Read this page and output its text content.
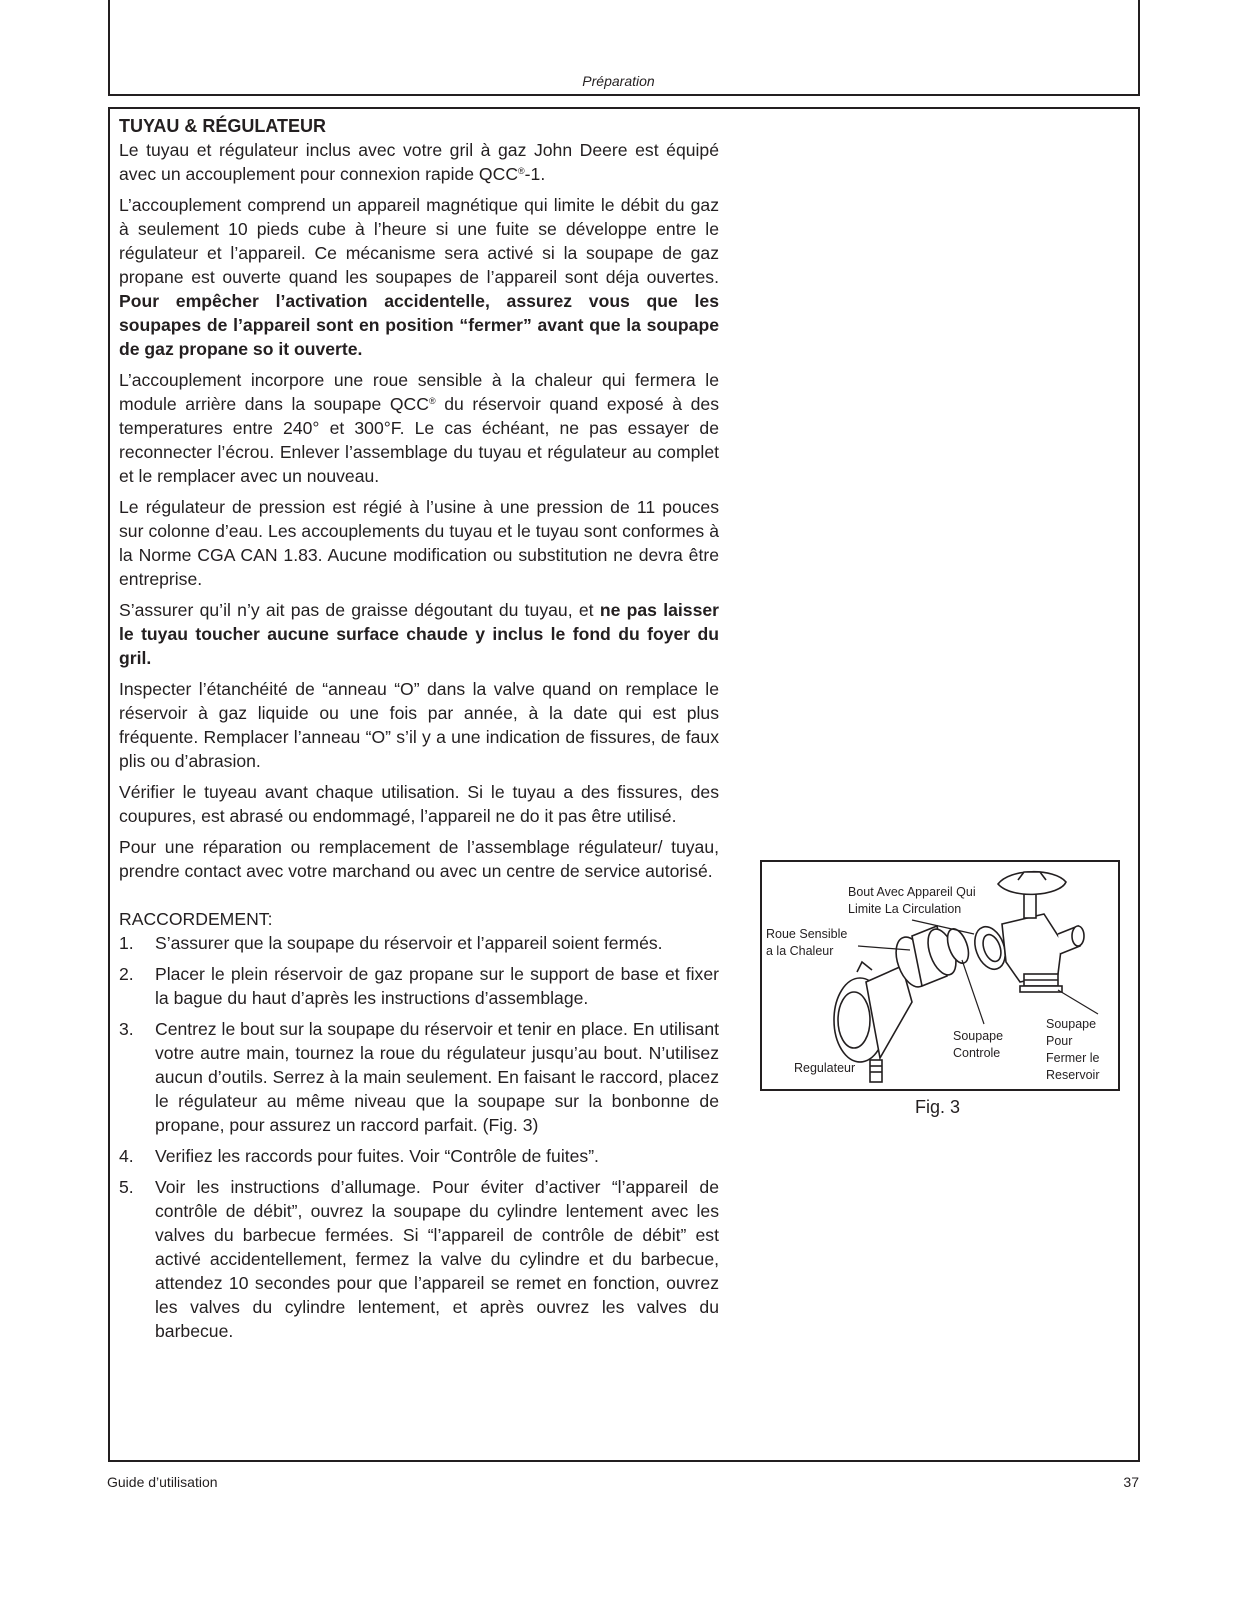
Préparation
TUYAU & RÉGULATEUR

Le tuyau et régulateur inclus avec votre gril à gaz John Deere est équipé avec un accouplement pour connexion rapide QCC®-1.

L’accouplement comprend un appareil magnétique qui limite le débit du gaz à seulement 10 pieds cube à l’heure si une fuite se développe entre le régulateur et l’appareil. Ce mécanisme sera activé si la soupape de gaz propane est ouverte quand les soupapes de l’appareil sont déja ouvertes. Pour empêcher l’activation accidentelle, assurez vous que les soupapes de l’appareil sont en position “fermer” avant que la soupape de gaz propane so it ouverte.

L’accouplement incorpore une roue sensible à la chaleur qui fermera le module arrière dans la soupape QCC® du réservoir quand exposé à des temperatures entre 240° et 300°F. Le cas échéant, ne pas essayer de reconnecter l’écrou. Enlever l’assemblage du tuyau et régulateur au complet et le remplacer avec un nouveau.

Le régulateur de pression est régié à l’usine à une pression de 11 pouces sur colonne d’eau. Les accouplements du tuyau et le tuyau sont conformes à la Norme CGA CAN 1.83. Aucune modification ou substitution ne devra être entreprise.

S’assurer qu’il n’y ait pas de graisse dégoutant du tuyau, et ne pas laisser le tuyau toucher aucune surface chaude y inclus le fond du foyer du gril.

Inspecter l’étanchéité de “anneau “O” dans la valve quand on remplace le réservoir à gaz liquide ou une fois par année, à la date qui est plus fréquente. Remplacer l’anneau “O” s’il y a une indication de fissures, de faux plis ou d’abrasion.

Vérifier le tuyeau avant chaque utilisation. Si le tuyau a des fissures, des coupures, est abrasé ou endommagé, l’appareil ne do it pas être utilisé.

Pour une réparation ou remplacement de l’assemblage régulateur/ tuyau, prendre contact avec votre marchand ou avec un centre de service autorisé.

RACCORDEMENT:
1. S’assurer que la soupape du réservoir et l’appareil soient fermés.
2. Placer le plein réservoir de gaz propane sur le support de base et fixer la bague du haut d’après les instructions d’assemblage.
3. Centrez le bout sur la soupape du réservoir et tenir en place. En utilisant votre autre main, tournez la roue du régulateur jusqu’au bout. N’utilisez aucun d’outils. Serrez à la main seulement. En faisant le raccord, placez le régulateur au même niveau que la soupape sur la bonbonne de propane, pour assurez un raccord parfait. (Fig. 3)
4. Verifiez les raccords pour fuites. Voir “Contrôle de fuites”.
5. Voir les instructions d’allumage. Pour éviter d’activer “l’appareil de contrôle de débit”, ouvrez la soupape du cylindre lentement avec les valves du barbecue fermées. Si “l’appareil de contrôle de débit” est activé accidentellement, fermez la valve du cylindre et du barbecue, attendez 10 secondes pour que l’appareil se remet en fonction, ouvrez les valves du cylindre lentement, et après ouvrez les valves du barbecue.
Bout Avec Appareil Qui
Limite La Circulation
Roue Sensible
a la Chaleur
Regulateur
Soupape
Controle
Soupape
Pour
Fermer le
Reservoir
Fig. 3
Guide d’utilisation	37
